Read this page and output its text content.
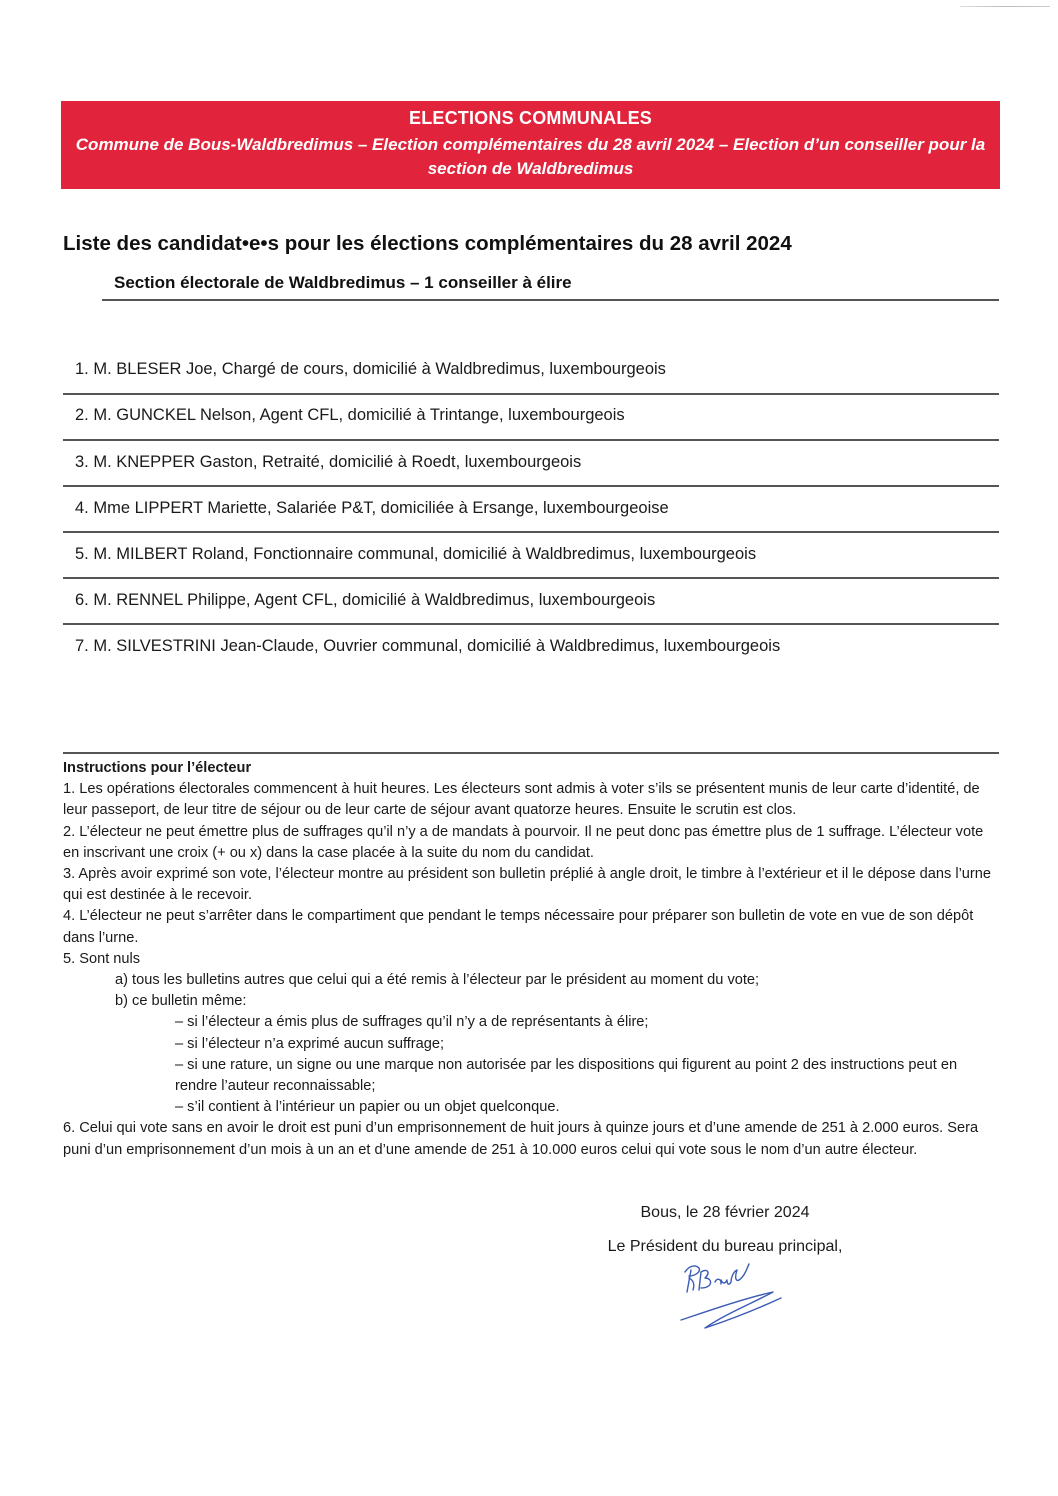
ELECTIONS COMMUNALES
Commune de Bous-Waldbredimus – Election complémentaires du 28 avril 2024 – Election d’un conseiller pour la section de Waldbredimus
Liste des candidat•e•s pour les élections complémentaires du 28 avril 2024
Section électorale de Waldbredimus – 1 conseiller à élire
1. M. BLESER Joe, Chargé de cours, domicilié à Waldbredimus, luxembourgeois
2. M. GUNCKEL Nelson, Agent CFL, domicilié à Trintange, luxembourgeois
3. M. KNEPPER Gaston, Retraité, domicilié à Roedt, luxembourgeois
4. Mme LIPPERT Mariette, Salariée P&T, domiciliée à Ersange, luxembourgeoise
5. M. MILBERT Roland, Fonctionnaire communal, domicilié à Waldbredimus, luxembourgeois
6. M. RENNEL Philippe, Agent CFL, domicilié à Waldbredimus, luxembourgeois
7. M. SILVESTRINI Jean-Claude, Ouvrier communal, domicilié à Waldbredimus, luxembourgeois
Instructions pour l’électeur
1. Les opérations électorales commencent à huit heures. Les électeurs sont admis à voter s’ils se présentent munis de leur carte d’identité, de leur passeport, de leur titre de séjour ou de leur carte de séjour avant quatorze heures. Ensuite le scrutin est clos.
2. L’électeur ne peut émettre plus de suffrages qu’il n’y a de mandats à pourvoir. Il ne peut donc pas émettre plus de 1 suffrage. L’électeur vote en inscrivant une croix (+ ou x) dans la case placée à la suite du nom du candidat.
3. Après avoir exprimé son vote, l’électeur montre au président son bulletin préplié à angle droit, le timbre à l’extérieur et il le dépose dans l’urne qui est destinée à le recevoir.
4. L’électeur ne peut s’arrêter dans le compartiment que pendant le temps nécessaire pour préparer son bulletin de vote en vue de son dépôt dans l’urne.
5. Sont nuls
a) tous les bulletins autres que celui qui a été remis à l’électeur par le président au moment du vote;
b) ce bulletin même:
– si l’électeur a émis plus de suffrages qu’il n’y a de représentants à élire;
– si l’électeur n’a exprimé aucun suffrage;
– si une rature, un signe ou une marque non autorisée par les dispositions qui figurent au point 2 des instructions peut en rendre l’auteur reconnaissable;
– s’il contient à l’intérieur un papier ou un objet quelconque.
6. Celui qui vote sans en avoir le droit est puni d’un emprisonnement de huit jours à quinze jours et d’une amende de 251 à 2.000 euros. Sera puni d’un emprisonnement d’un mois à un an et d’une amende de 251 à 10.000 euros celui qui vote sous le nom d’un autre électeur.
Bous, le 28 février 2024
Le Président du bureau principal,
